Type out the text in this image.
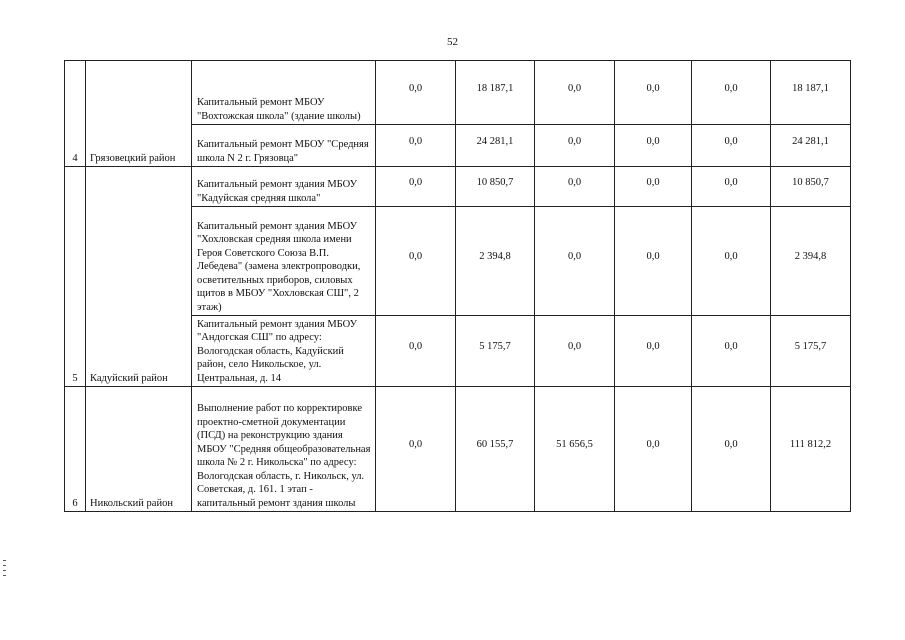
52
4	Грязовецкий район	Капитальный ремонт МБОУ "Вохтожская школа" (здание школы)	0,0	18 187,1	0,0	0,0	0,0	18 187,1
		Капитальный ремонт МБОУ "Средняя школа N 2 г. Грязовца"	0,0	24 281,1	0,0	0,0	0,0	24 281,1
5	Кадуйский район	Капитальный ремонт здания МБОУ "Кадуйская средняя школа"	0,0	10 850,7	0,0	0,0	0,0	10 850,7
		Капитальный ремонт здания МБОУ "Хохловская средняя школа имени Героя Советского Союза В.П. Лебедева" (замена электропроводки, осветительных приборов, силовых щитов в МБОУ "Хохловская СШ", 2 этаж)	0,0	2 394,8	0,0	0,0	0,0	2 394,8
		Капитальный ремонт здания МБОУ "Андогская СШ" по адресу: Вологодская область, Кадуйский район, село Никольское, ул. Центральная, д. 14	0,0	5 175,7	0,0	0,0	0,0	5 175,7
6	Никольский район	Выполнение работ по корректировке проектно-сметной документации (ПСД) на реконструкцию здания МБОУ "Средняя общеобразовательная школа № 2 г. Никольска" по адресу: Вологодская область, г. Никольск, ул. Советская, д. 161. 1 этап - капитальный ремонт здания школы	0,0	60 155,7	51 656,5	0,0	0,0	111 812,2
